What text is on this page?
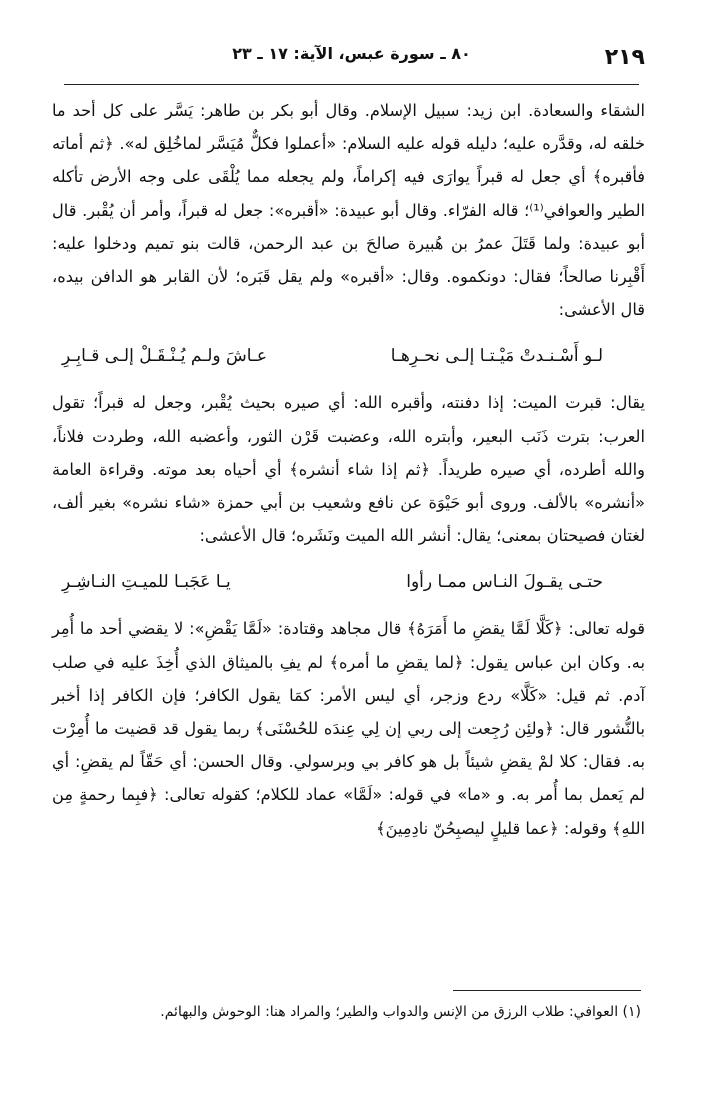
٢١٩
٨٠ ـ سورة عبس، الآية: ١٧ ـ ٢٣

الشقاء والسعادة. ابن زيد: سبيل الإسلام. وقال أبو بكر بن طاهر: يَسَّر على كل أحد ما خلقه له، وقدَّره عليه؛ دليله قوله عليه السلام: «أعملوا فكلٌّ مُيَسَّر لماخُلِق له». ﴿ثم أماته فأقبره﴾ أي جعل له قبراً يوارَى فيه إكراماً، ولم يجعله مما يُلْقَى على وجه الأرض تأكله الطير والعوافي⁽¹⁾؛ قاله الفرّاء. وقال أبو عبيدة: «أقبره»: جعل له قبراً، وأمر أن يُقْبر. قال أبو عبيدة: ولما قَتَلَ عمرُ بن هُبيرة صالحَ بن عبد الرحمن، قالت بنو تميم ودخلوا عليه: أَقْبِرنا صالحاً؛ فقال: دونكموه. وقال: «أقبره» ولم يقل قَبَره؛ لأن القابر هو الدافن بيده، قال الأعشى:

لـو أَسْـنـدتْ مَيْـتـا إلـى نحـرِهـا
عـاشَ ولـم يُـنْـقَـلْ إلـى قـابِـرِ

يقال: قبرت الميت: إذا دفنته، وأقبره الله: أي صيره بحيث يُقْبر، وجعل له قبراً؛ تقول العرب: بترت ذَنَب البعير، وأبتره الله، وعضبت قَرْن الثور، وأعضبه الله، وطردت فلاناً، والله أطرده، أي صيره طريداً. ﴿ثم إذا شاء أنشره﴾ أي أحياه بعد موته. وقراءة العامة «أنشره» بالألف. وروى أبو حَيْوَة عن نافع وشعيب بن أبي حمزة «شاء نشره» بغير ألف، لغتان فصيحتان بمعنى؛ يقال: أنشر الله الميت ونَشَره؛ قال الأعشى:

حتـى يقـولَ النـاس ممـا رأوا
يـا عَجَبـا للميـتِ النـاشِـرِ

قوله تعالى: ﴿كَلَّا لَمَّا يقضِ ما أَمَرَهُ﴾ قال مجاهد وقتادة: «لَمَّا يَقْضِ»: لا يقضي أحد ما أُمِر به. وكان ابن عباس يقول: ﴿لما يقضِ ما أمره﴾ لم يفِ بالميثاق الذي أُخِذَ عليه في صلب آدم. ثم قيل: «كَلَّا» ردع وزجر، أي ليس الأمر: كمَا يقول الكافر؛ فإن الكافر إذا أخبر بالنُّشور قال: ﴿ولئِن رُجِعت إلى ربي إن لِي عِندَه للحُسْنَى﴾ ربما يقول قد قضيت ما أُمِرْت به. فقال: كلا لمْ يقضِ شيئاً بل هو كافر بي وبرسولي. وقال الحسن: أي حَقّاً لم يقضِ: أي لم يَعمل بما أُمر به. و «ما» في قوله: «لَمَّا» عماد للكلام؛ كقوله تعالى: ﴿فبِما رحمةٍ مِن اللهِ﴾ وقوله: ﴿عما قليلٍ ليصبِحُنّ نادِمِينَ﴾

(١) العوافي: طلاب الرزق من الإنس والدواب والطير؛ والمراد هنا: الوحوش والبهائم.
